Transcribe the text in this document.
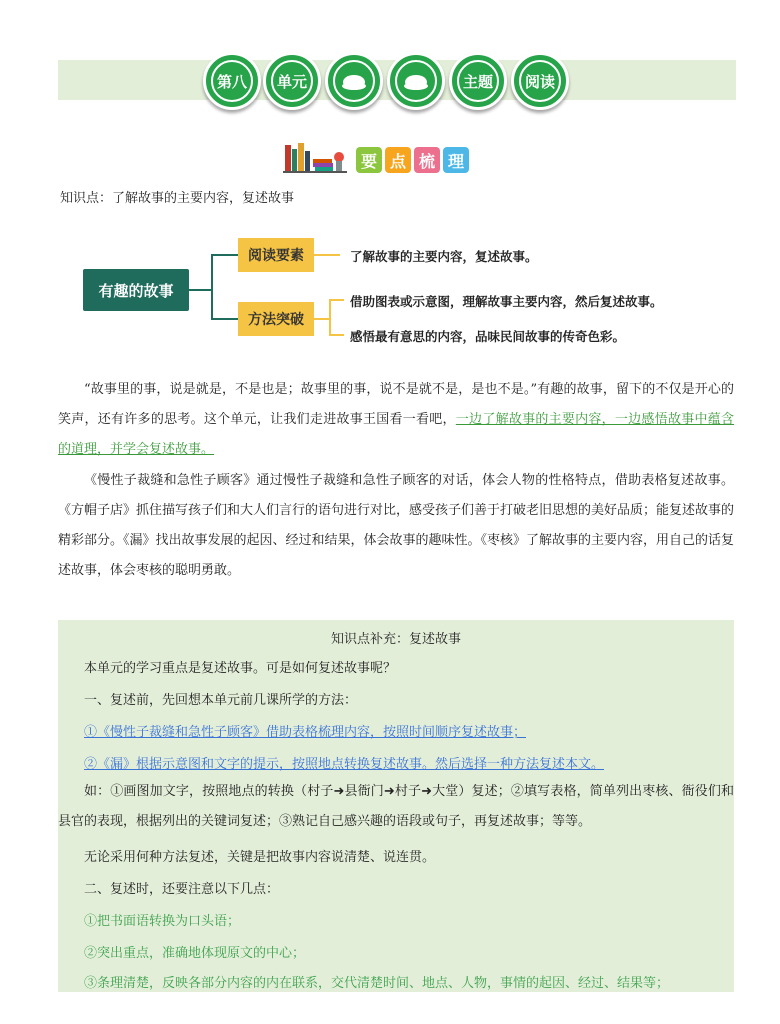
第八 单元	主题 阅读
要 点 梳 理
知识点：了解故事的主要内容，复述故事
有趣的故事
阅读要素
方法突破
了解故事的主要内容，复述故事。
借助图表或示意图，理解故事主要内容，然后复述故事。
感悟最有意思的内容，品味民间故事的传奇色彩。
“故事里的事，说是就是，不是也是；故事里的事，说不是就不是，是也不是。”有趣的故事，留下的不仅是开心的笑声，还有许多的思考。这个单元，让我们走进故事王国看一看吧，一边了解故事的主要内容，一边感悟故事中蕴含的道理，并学会复述故事。
《慢性子裁缝和急性子顾客》通过慢性子裁缝和急性子顾客的对话，体会人物的性格特点，借助表格复述故事。《方帽子店》抓住描写孩子们和大人们言行的语句进行对比，感受孩子们善于打破老旧思想的美好品质；能复述故事的精彩部分。《漏》找出故事发展的起因、经过和结果，体会故事的趣味性。《枣核》了解故事的主要内容，用自己的话复述故事，体会枣核的聪明勇敢。
知识点补充：复述故事
本单元的学习重点是复述故事。可是如何复述故事呢？
一、复述前，先回想本单元前几课所学的方法：
①《慢性子裁缝和急性子顾客》借助表格梳理内容，按照时间顺序复述故事；
②《漏》根据示意图和文字的提示，按照地点转换复述故事。然后选择一种方法复述本文。
如：①画图加文字，按照地点的转换（村子➜县衙门➜村子➜大堂）复述；②填写表格，简单列出枣核、衙役们和县官的表现，根据列出的关键词复述；③熟记自己感兴趣的语段或句子，再复述故事；等等。
无论采用何种方法复述，关键是把故事内容说清楚、说连贯。
二、复述时，还要注意以下几点：
①把书面语转换为口头语；
②突出重点，准确地体现原文的中心；
③条理清楚，反映各部分内容的内在联系，交代清楚时间、地点、人物，事情的起因、经过、结果等；
